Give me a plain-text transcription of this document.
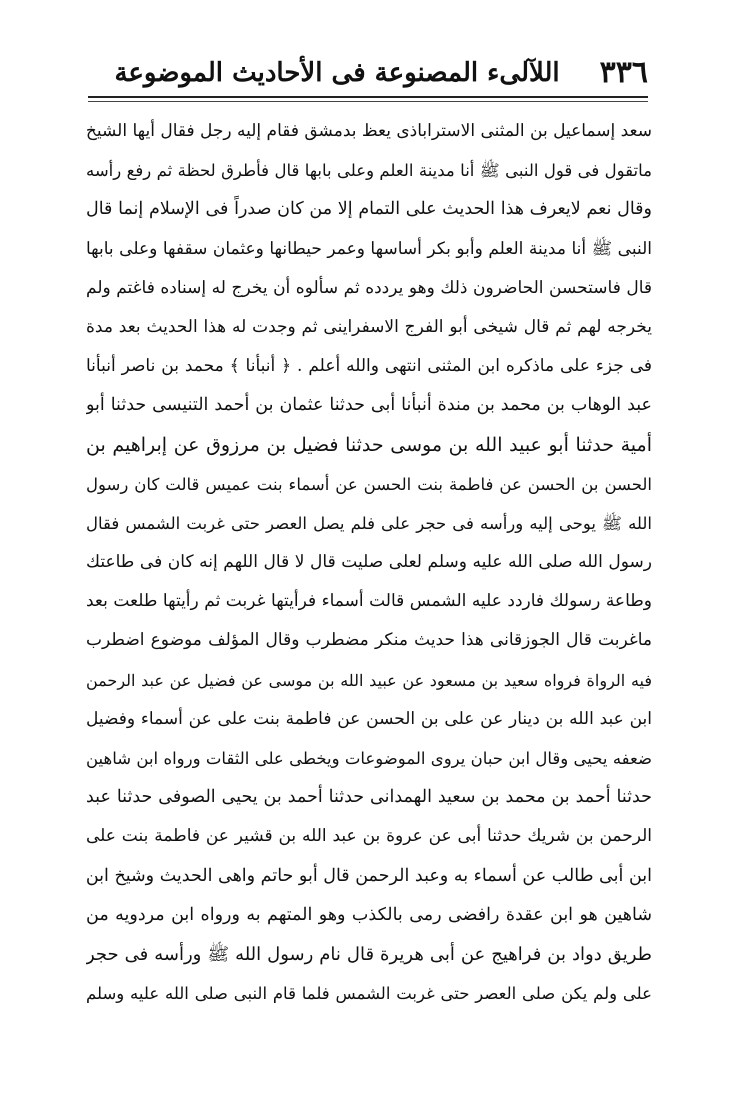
٣٣٦
اللآلىء المصنوعة فى الأحاديث الموضوعة
سعد إسماعيل بن المثنى الاستراباذى يعظ بدمشق فقام إليه رجل فقال أيها الشيخ
ماتقول فى قول النبى ﷺ أنا مدينة العلم وعلى بابها قال فأطرق لحظة ثم رفع رأسه
وقال نعم لايعرف هذا الحديث على التمام إلا من كان صدراً فى الإسلام إنما قال
النبى ﷺ أنا مدينة العلم وأبو بكر أساسها وعمر حيطانها وعثمان سقفها وعلى بابها
قال فاستحسن الحاضرون ذلك وهو يردده ثم سألوه أن يخرج له إسناده فاغتم ولم
يخرجه لهم ثم قال شيخى أبو الفرج الاسفراينى ثم وجدت له هذا الحديث بعد مدة
فى جزء على ماذكره ابن المثنى انتهى والله أعلم . ﴿ أنبأنا ﴾ محمد بن ناصر أنبأنا
عبد الوهاب بن محمد بن مندة أنبأنا أبى حدثنا عثمان بن أحمد التنيسى حدثنا أبو
أمية حدثنا أبو عبيد الله بن موسى حدثنا فضيل بن مرزوق عن إبراهيم بن
الحسن بن الحسن عن فاطمة بنت الحسن عن أسماء بنت عميس قالت كان رسول
الله ﷺ يوحى إليه ورأسه فى حجر على فلم يصل العصر حتى غربت الشمس فقال
رسول الله صلى الله عليه وسلم لعلى صليت قال لا قال اللهم إنه كان فى طاعتك
وطاعة رسولك فاردد عليه الشمس قالت أسماء فرأيتها غربت ثم رأيتها طلعت بعد
ماغربت قال الجوزقانى هذا حديث منكر مضطرب وقال المؤلف موضوع اضطرب
فيه الرواة فرواه سعيد بن مسعود عن عبيد الله بن موسى عن فضيل عن عبد الرحمن
ابن عبد الله بن دينار عن على بن الحسن عن فاطمة بنت على عن أسماء وفضيل
ضعفه يحيى وقال ابن حبان يروى الموضوعات ويخطى على الثقات ورواه ابن شاهين
حدثنا أحمد بن محمد بن سعيد الهمدانى حدثنا أحمد بن يحيى الصوفى حدثنا عبد
الرحمن بن شريك حدثنا أبى عن عروة بن عبد الله بن قشير عن فاطمة بنت على
ابن أبى طالب عن أسماء به وعبد الرحمن قال أبو حاتم واهى الحديث وشيخ ابن
شاهين هو ابن عقدة رافضى رمى بالكذب وهو المتهم به ورواه ابن مردويه من
طريق دواد بن فراهيج عن أبى هريرة قال نام رسول الله ﷺ ورأسه فى حجر
على ولم يكن صلى العصر حتى غربت الشمس فلما قام النبى صلى الله عليه وسلم
